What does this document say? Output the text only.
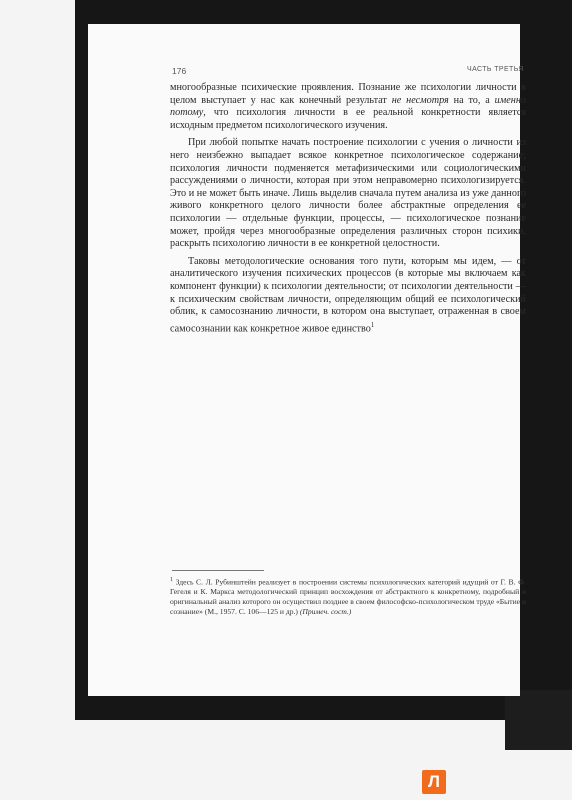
176	ЧАСТЬ ТРЕТЬЯ

многообразные психические проявления. Познание же психологии личности в целом выступает у нас как конечный результат не несмотря на то, а именно потому, что психология личности в ее реальной конкретности является исходным предметом психологического изучения.

При любой попытке начать построение психологии с учения о личности из него неизбежно выпадает всякое конкретное психологическое содержание; психология личности подменяется метафизическими или социологическими рассуждениями о личности, которая при этом неправомерно психологизируется. Это и не может быть иначе. Лишь выделив сначала путем анализа из уже данного живого конкретного целого личности более абстрактные определения ее психологии — отдельные функции, процессы, — психологическое познание может, пройдя через многообразные определения различных сторон психики, раскрыть психологию личности в ее конкретной целостности.

Таковы методологические основания того пути, которым мы идем, — от аналитического изучения психических процессов (в которые мы включаем как компонент функции) к психологии деятельности; от психологии деятельности — к психическим свойствам личности, определяющим общий ее психологический облик, к самосознанию личности, в котором она выступает, отраженная в своем самосознании как конкретное живое единство$^1$

$^1$ Здесь С. Л. Рубинштейн реализует в построении системы психологических категорий идущий от Г. В. Ф. Гегеля и К. Маркса методологический принцип восхождения от абстрактного к конкретному, подробный и оригинальный анализ которого он осуществил позднее в своем философско-психологическом труде «Бытие и сознание» (М., 1957. С. 106—125 и др.) (Примеч. сост.)
Л
